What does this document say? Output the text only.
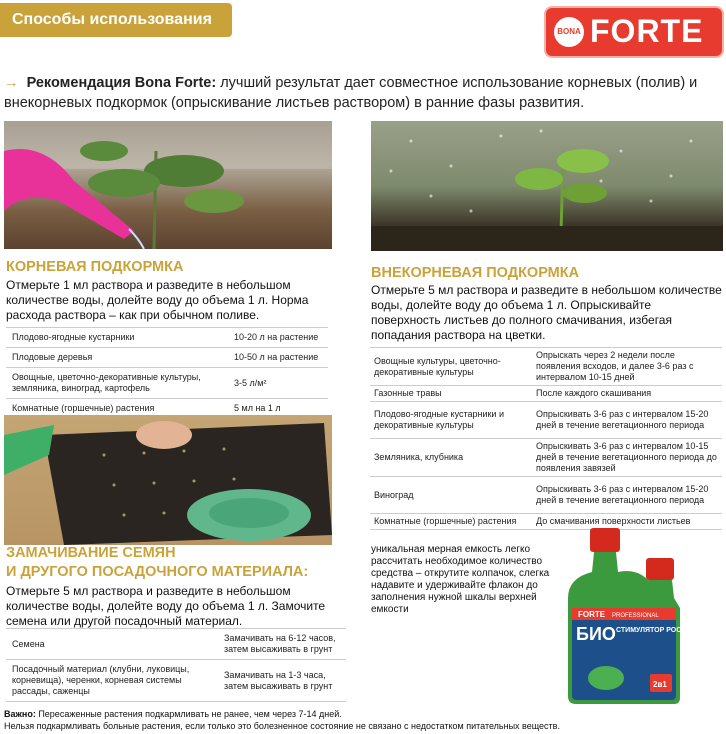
Способы использования
BONA FORTE

→ Рекомендация Bona Forte: лучший результат дает совместное использование корневых (полив) и внекорневых подкормок (опрыскивание листьев раствором) в ранние фазы развития.

КОРНЕВАЯ ПОДКОРМКА

Отмерьте 1 мл раствора и разведите в небольшом количестве воды, долейте воду до объема 1 л. Норма расхода раствора – как при обычном поливе.

Плодово-ягодные кустарники	10-20 л на растение
Плодовые деревья	10-50 л на растение
Овощные, цветочно-декоративные культуры, земляника, виноград, картофель	3-5 л/м²
Комнатные (горшечные) растения	5 мл на 1 л
ЗАМАЧИВАНИЕ СЕМЯН
И ДРУГОГО ПОСАДОЧНОГО МАТЕРИАЛА:

Отмерьте 5 мл раствора и разведите в небольшом количестве воды, долейте воду до объема 1 л. Замочите семена или другой посадочный материал.

Семена	Замачивать на 6-12 часов, затем высаживать в грунт
Посадочный материал (клубни, луковицы, корневища), черенки, корневая системы рассады, саженцы	Замачивать на 1-3 часа, затем высаживать в грунт
ВНЕКОРНЕВАЯ ПОДКОРМКА

Отмерьте 5 мл раствора и разведите в небольшом количестве воды, долейте воду до объема 1 л. Опрыскивайте поверхность листьев до полного смачивания, избегая попадания раствора на цветки.

Овощные культуры, цветочно-декоративные культуры	Опрыскать через 2 недели после появления всходов, и далее 3-6 раз с интервалом 10-15 дней
Газонные травы	После каждого скашивания
Плодово-ягодные кустарники и декоративные культуры	Опрыскивать 3-6 раз с интервалом 15-20 дней в течение вегетационного периода
Земляника, клубника	Опрыскивать 3-6 раз с интервалом 10-15 дней в течение вегетационного периода до появления завязей
Виноград	Опрыскивать 3-6 раз с интервалом 15-20 дней в течение вегетационного периода
Комнатные (горшечные) растения	До смачивания поверхности листьев

уникальная мерная емкость легко рассчитать необходимое количество средства – открутите колпачок, слегка надавите и удерживайте флакон до заполнения нужной шкалы верхней емкости	FORTE PROFESSIONAL
БИО СТИМУЛЯТОР РОСТА
2в1
Важно: Пересаженные растения подкармливать не ранее, чем через 7-14 дней.
Нельзя подкармливать больные растения, если только это болезненное состояние не связано с недостатком питательных веществ.
